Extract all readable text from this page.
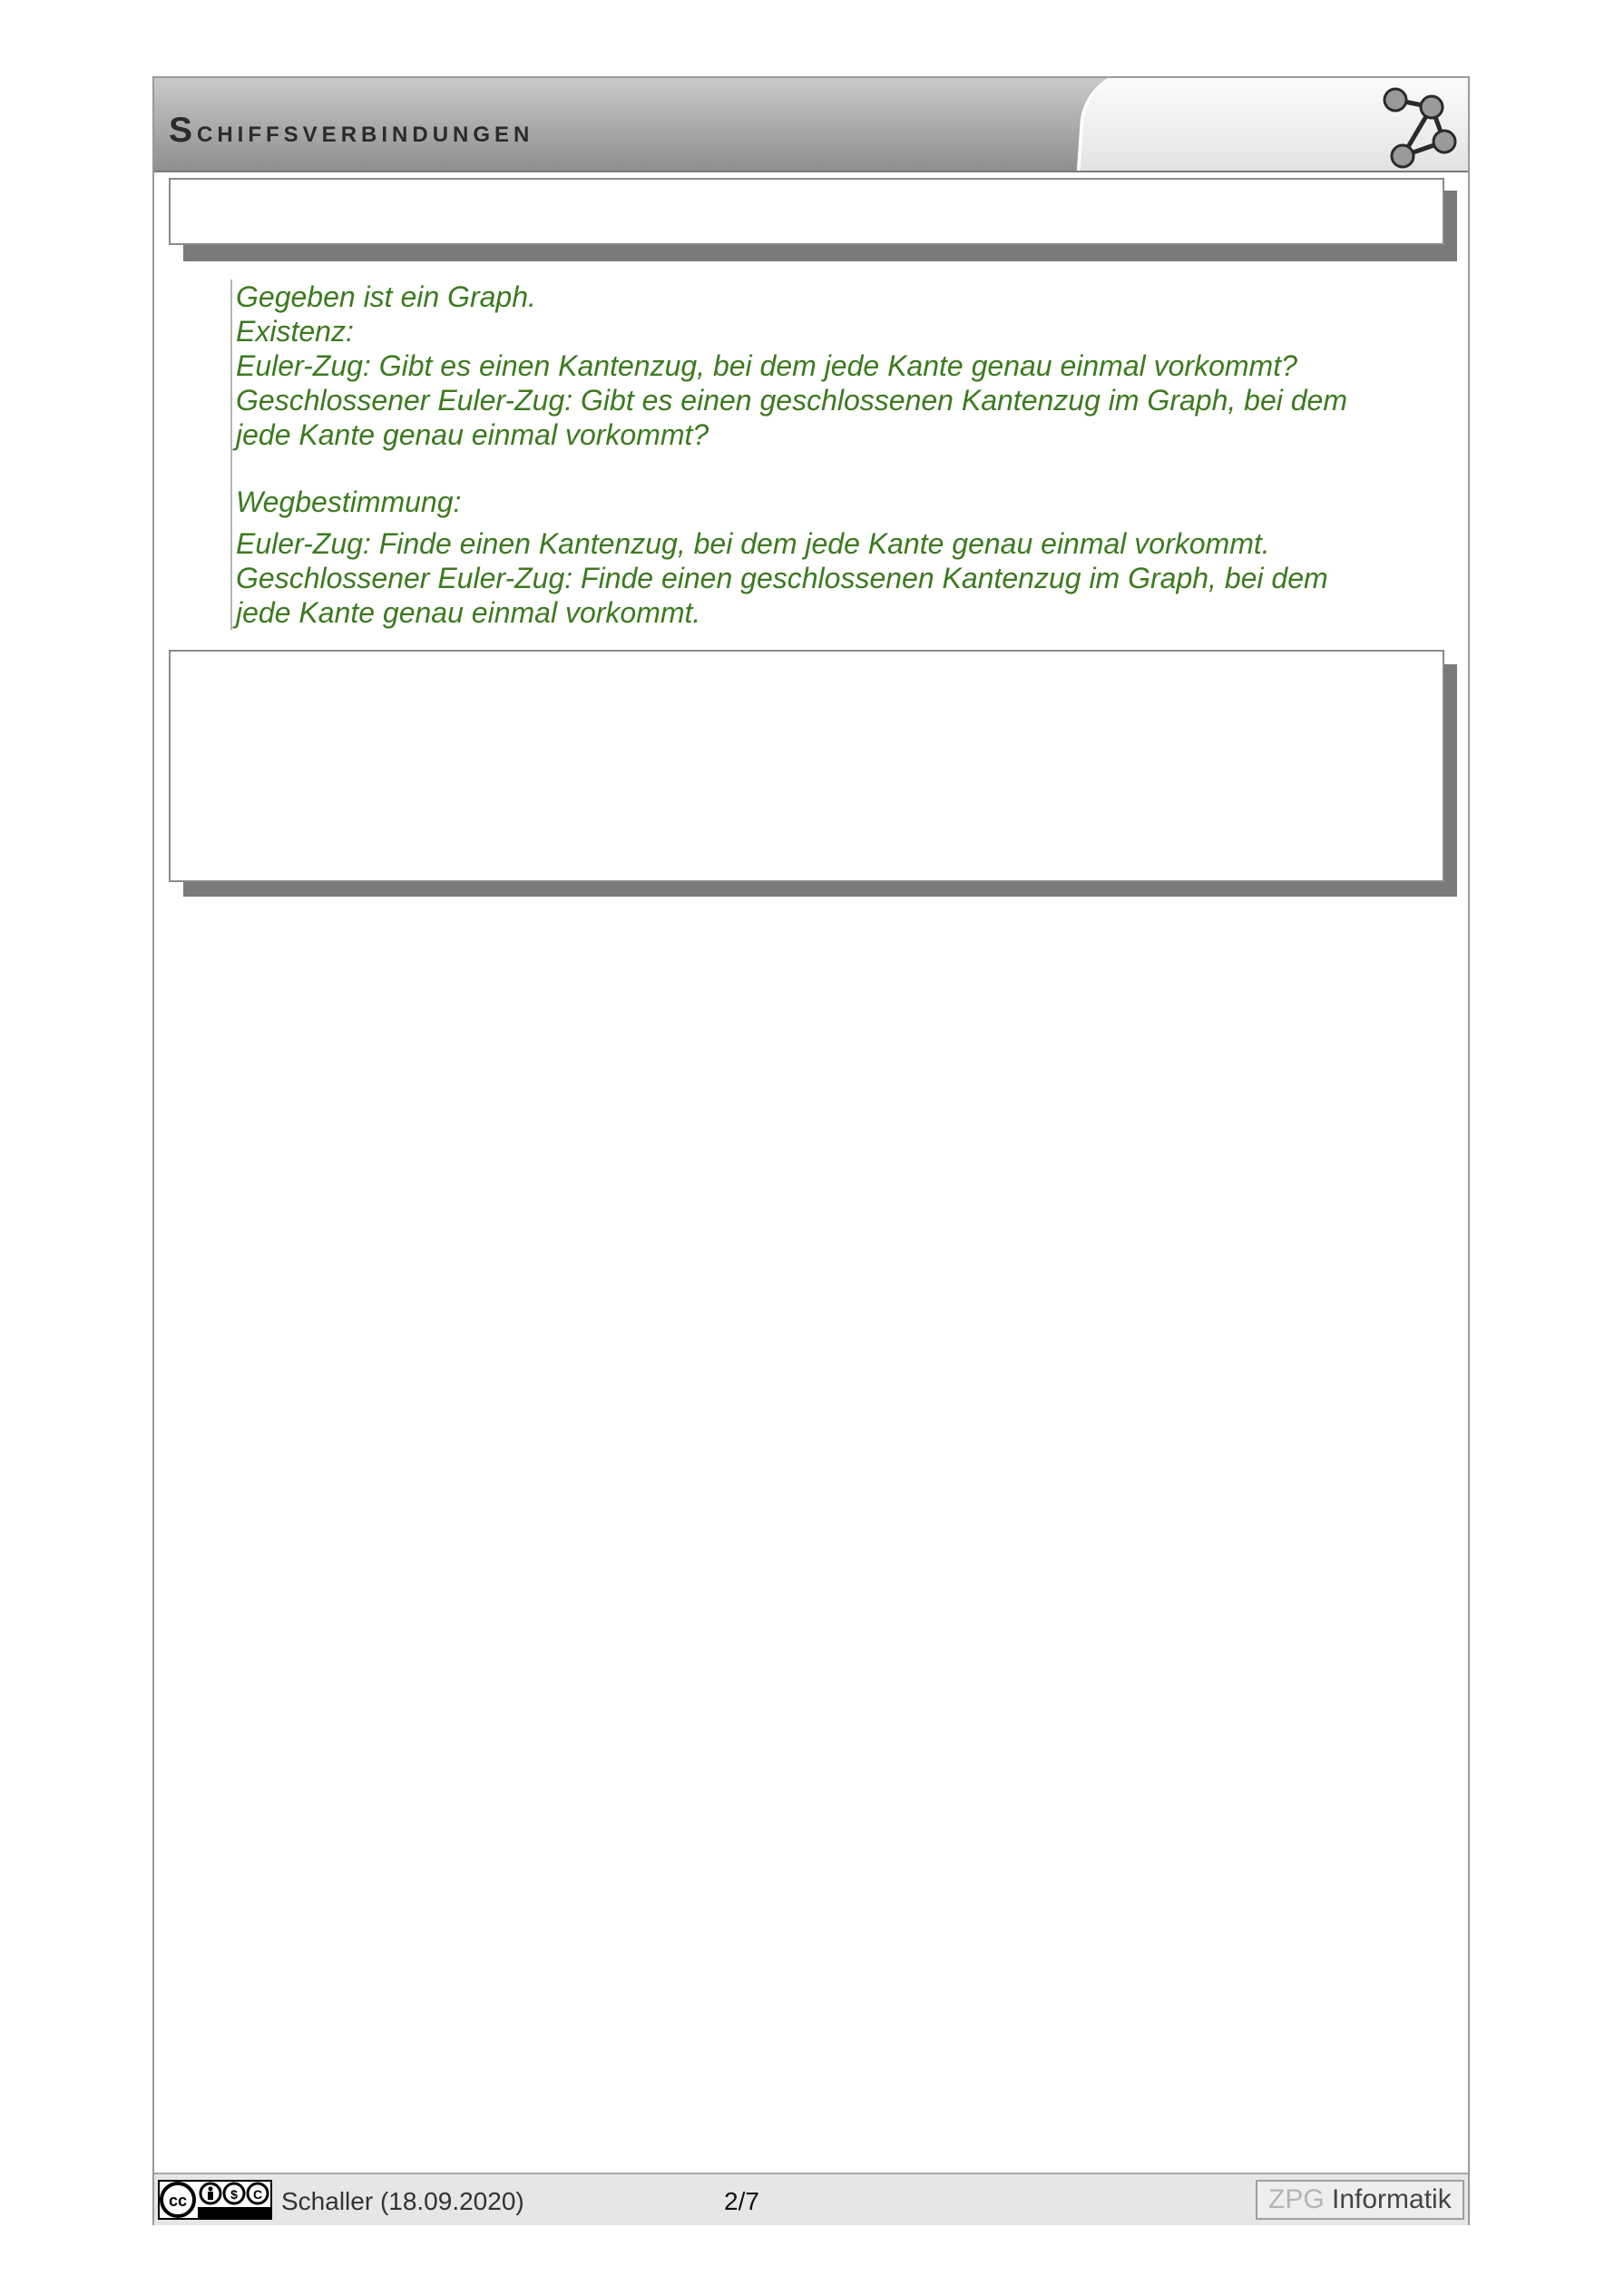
schiffsverbindungen
cc	$ C Schaller (18.09.2020)	2/7	ZPG Informatik

Gegeben ist ein Graph.

Existenz:

Euler-Zug: Gibt es einen Kantenzug, bei dem jede Kante genau einmal vorkommt?

Geschlossener Euler-Zug: Gibt es einen geschlossenen Kantenzug im Graph, bei dem

jede Kante genau einmal vorkommt?

Wegbestimmung:

Euler-Zug: Finde einen Kantenzug, bei dem jede Kante genau einmal vorkommt.

Geschlossener Euler-Zug: Finde einen geschlossenen Kantenzug im Graph, bei dem

jede Kante genau einmal vorkommt.
